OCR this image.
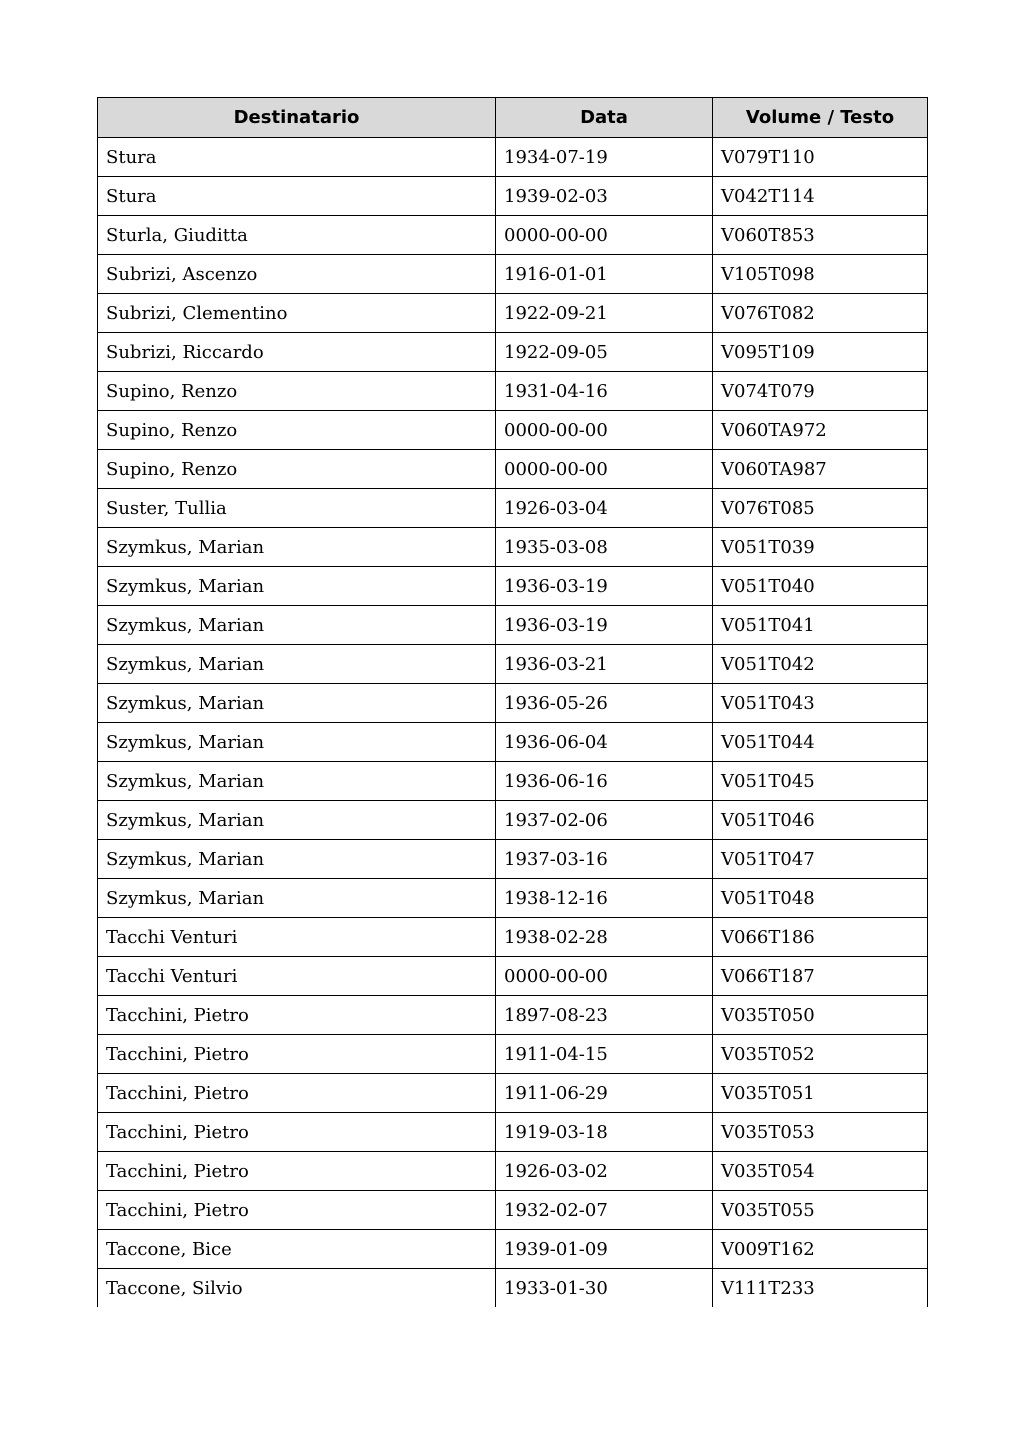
Destinatario	Data	Volume / Testo
Stura	1934-07-19	V079T110
Stura	1939-02-03	V042T114
Sturla, Giuditta	0000-00-00	V060T853
Subrizi, Ascenzo	1916-01-01	V105T098
Subrizi, Clementino	1922-09-21	V076T082
Subrizi, Riccardo	1922-09-05	V095T109
Supino, Renzo	1931-04-16	V074T079
Supino, Renzo	0000-00-00	V060TA972
Supino, Renzo	0000-00-00	V060TA987
Suster, Tullia	1926-03-04	V076T085
Szymkus, Marian	1935-03-08	V051T039
Szymkus, Marian	1936-03-19	V051T040
Szymkus, Marian	1936-03-19	V051T041
Szymkus, Marian	1936-03-21	V051T042
Szymkus, Marian	1936-05-26	V051T043
Szymkus, Marian	1936-06-04	V051T044
Szymkus, Marian	1936-06-16	V051T045
Szymkus, Marian	1937-02-06	V051T046
Szymkus, Marian	1937-03-16	V051T047
Szymkus, Marian	1938-12-16	V051T048
Tacchi Venturi	1938-02-28	V066T186
Tacchi Venturi	0000-00-00	V066T187
Tacchini, Pietro	1897-08-23	V035T050
Tacchini, Pietro	1911-04-15	V035T052
Tacchini, Pietro	1911-06-29	V035T051
Tacchini, Pietro	1919-03-18	V035T053
Tacchini, Pietro	1926-03-02	V035T054
Tacchini, Pietro	1932-02-07	V035T055
Taccone, Bice	1939-01-09	V009T162
Taccone, Silvio	1933-01-30	V111T233
